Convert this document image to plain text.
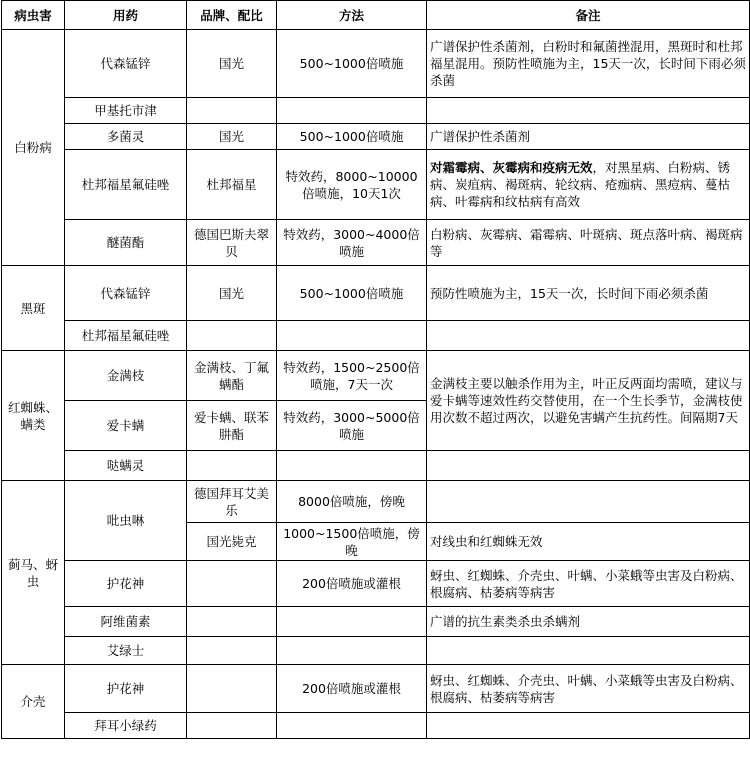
病虫害	用药	品牌、配比	方法	备注
白粉病	代森锰锌	国光	500~1000倍喷施	广谱保护性杀菌剂，白粉时和氟菌挫混用，黑斑时和杜邦福星混用。预防性喷施为主，15天一次，长时间下雨必须杀菌
	甲基托市津			
	多菌灵	国光	500~1000倍喷施	广谱保护性杀菌剂
	杜邦福星氟硅唑	杜邦福星	特效药，8000~10000倍喷施，10天1次	对霜霉病、灰霉病和疫病无效，对黑星病、白粉病、锈病、炭疽病、褐斑病、轮纹病、疮痂病、黑痘病、蔓枯病、叶霉病和纹枯病有高效
	醚菌酯	德国巴斯夫翠贝	特效药，3000~4000倍喷施	白粉病、灰霉病、霜霉病、叶斑病、斑点落叶病、褐斑病等
黑斑	代森锰锌	国光	500~1000倍喷施	预防性喷施为主，15天一次，长时间下雨必须杀菌
	杜邦福星氟硅唑			
红蜘蛛、螨类	金满枝	金满枝、丁氟螨酯	特效药，1500~2500倍喷施，7天一次	金满枝主要以触杀作用为主，叶正反两面均需喷，建议与爱卡螨等速效性药交替使用，在一个生长季节，金满枝使用次数不超过两次，以避免害螨产生抗药性。间隔期7天
	爱卡螨	爱卡螨、联苯肼酯	特效药，3000~5000倍喷施	
	哒螨灵			
蓟马、蚜虫	吡虫啉	德国拜耳艾美乐	8000倍喷施，傍晚	
		国光毙克	1000~1500倍喷施，傍晚	对线虫和红蜘蛛无效
	护花神		200倍喷施或灌根	蚜虫、红蜘蛛、介壳虫、叶螨、小菜蛾等虫害及白粉病、根腐病、枯萎病等病害
	阿维菌素			广谱的抗生素类杀虫杀螨剂
	艾绿士			
介壳	护花神		200倍喷施或灌根	蚜虫、红蜘蛛、介壳虫、叶螨、小菜蛾等虫害及白粉病、根腐病、枯萎病等病害
	拜耳小绿药			
